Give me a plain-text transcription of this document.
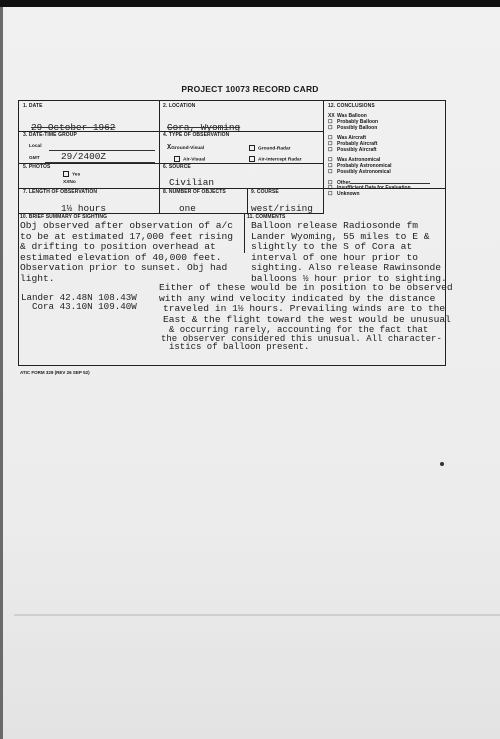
PROJECT 10073 RECORD CARD
1. DATE
29 October 1962
2. LOCATION
Cora, Wyoming
3. DATE-TIME GROUP
Local
GMT 29/2400Z
4. TYPE OF OBSERVATION
XGround-Visual	Ground-Radar
Air-Visual	Air-Intercept Radar
5. PHOTOS
Yes
XXNo
6. SOURCE
Civilian
7. LENGTH OF OBSERVATION
1½ hours
8. NUMBER OF OBJECTS
one
9. COURSE
west/rising
12. CONCLUSIONS
XX Was Balloon
☐ Probably Balloon
☐ Possibly Balloon
☐ Was Aircraft
☐ Probably Aircraft
☐ Possibly Aircraft
☐ Was Astronomical
☐ Probably Astronomical
☐ Possibly Astronomical
☐ Other
☐ Insufficient Data for Evaluation
☐ Unknown
10. BRIEF SUMMARY OF SIGHTING
Obj observed after observation of a/c
to be at estimated 17,000 feet rising
& drifting to position overhead at
estimated elevation of 40,000 feet.
Observation prior to sunset. Obj had
light.
Lander 42.48N 108.43W
Cora 43.10N 109.40W
11. COMMENTS
Balloon release Radiosonde fm
Lander Wyoming, 55 miles to E &
slightly to the S of Cora at
interval of one hour prior to
sighting. Also release Rawinsonde
balloons ½ hour prior to sighting.
Either of these would be in position to be observed
with any wind velocity indicated by the distance
traveled in 1½ hours. Prevailing winds are to the
East & the flight toward the west would be unusual
& occurring rarely, accounting for the fact that
the observer considered this unusual. All character-
istics of balloon present.
ATIC FORM 329 (REV 26 SEP 52)
